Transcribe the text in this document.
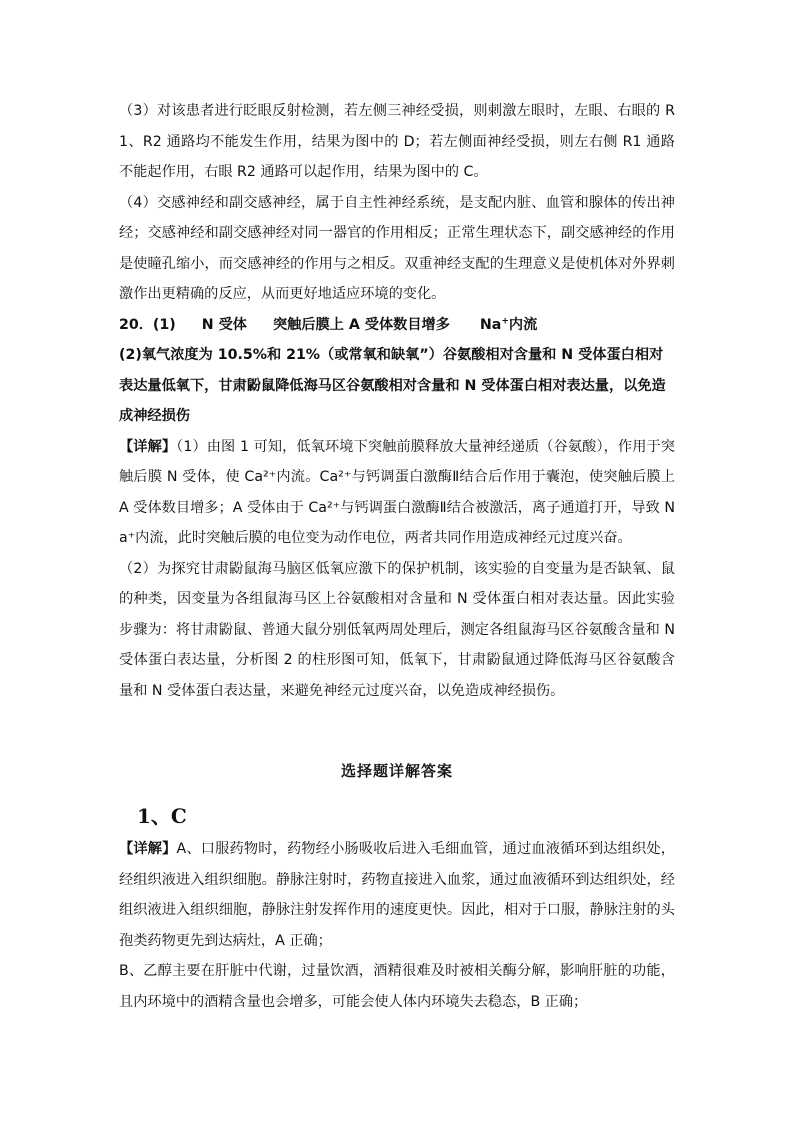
（3）对该患者进行眨眼反射检测，若左侧三神经受损，则刺激左眼时，左眼、右眼的 R1、R2 通路均不能发生作用，结果为图中的 D；若左侧面神经受损，则左右侧 R1 通路不能起作用，右眼 R2 通路可以起作用，结果为图中的 C。

（4）交感神经和副交感神经，属于自主性神经系统，是支配内脏、血管和腺体的传出神经；交感神经和副交感神经对同一器官的作用相反；正常生理状态下，副交感神经的作用是使瞳孔缩小，而交感神经的作用与之相反。双重神经支配的生理意义是使机体对外界刺激作出更精确的反应，从而更好地适应环境的变化。

20．(1) N 受体 突触后膜上 A 受体数目增多 Na+内流

(2)氧气浓度为 10.5%和 21%（或常氧和缺氧”）谷氨酸相对含量和 N 受体蛋白相对表达量低氧下，甘肃鼢鼠降低海马区谷氨酸相对含量和 N 受体蛋白相对表达量，以免造成神经损伤

【详解】（1）由图 1 可知，低氧环境下突触前膜释放大量神经递质（谷氨酸），作用于突触后膜 N 受体，使 Ca²⁺内流。Ca²⁺与钙调蛋白激酶Ⅱ结合后作用于囊泡，使突触后膜上 A 受体数目增多；A 受体由于 Ca²⁺与钙调蛋白激酶Ⅱ结合被激活，离子通道打开，导致 Na⁺内流，此时突触后膜的电位变为动作电位，两者共同作用造成神经元过度兴奋。

（2）为探究甘肃鼢鼠海马脑区低氧应激下的保护机制，该实验的自变量为是否缺氧、鼠的种类，因变量为各组鼠海马区上谷氨酸相对含量和 N 受体蛋白相对表达量。因此实验步骤为：将甘肃鼢鼠、普通大鼠分别低氧两周处理后，测定各组鼠海马区谷氨酸含量和 N 受体蛋白表达量，分析图 2 的柱形图可知，低氧下，甘肃鼢鼠通过降低海马区谷氨酸含量和 N 受体蛋白表达量，来避免神经元过度兴奋，以免造成神经损伤。

选择题详解答案
1、C

【详解】A、口服药物时，药物经小肠吸收后进入毛细血管，通过血液循环到达组织处，经组织液进入组织细胞。静脉注射时，药物直接进入血浆，通过血液循环到达组织处，经组织液进入组织细胞，静脉注射发挥作用的速度更快。因此，相对于口服，静脉注射的头孢类药物更先到达病灶，A 正确；

B、乙醇主要在肝脏中代谢，过量饮酒，酒精很难及时被相关酶分解，影响肝脏的功能，且内环境中的酒精含量也会增多，可能会使人体内环境失去稳态，B 正确；
